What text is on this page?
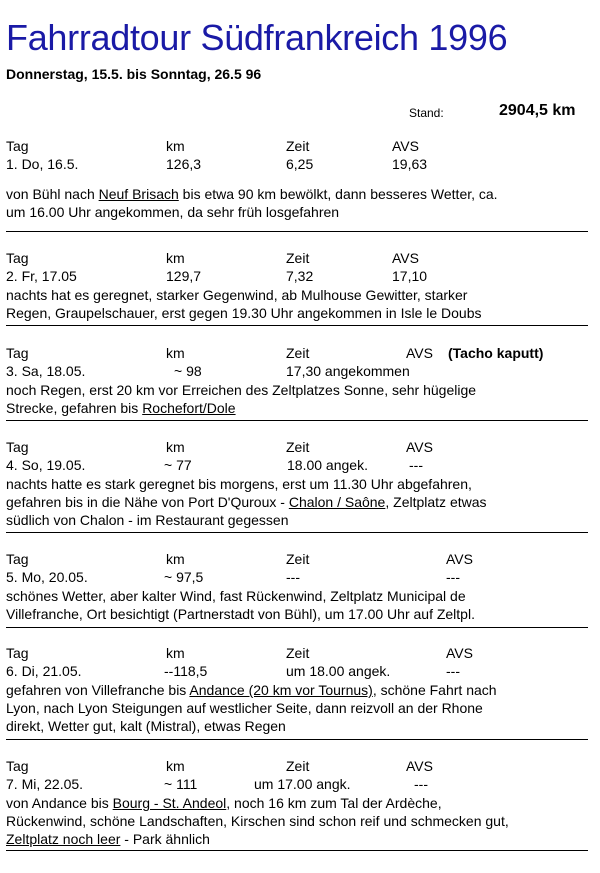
Fahrradtour Südfrankreich 1996
Donnerstag, 15.5. bis Sonntag, 26.5 96
Stand:	2904,5 km
Tag	km	Zeit	AVS
1. Do, 16.5.	126,3	6,25	19,63
von Bühl nach Neuf Brisach bis etwa 90 km bewölkt, dann besseres Wetter, ca.
um 16.00 Uhr angekommen, da sehr früh losgefahren
Tag	km	Zeit	AVS
2. Fr, 17.05	129,7	7,32	17,10
nachts hat es geregnet, starker Gegenwind, ab Mulhouse Gewitter, starker
Regen, Graupelschauer, erst gegen 19.30 Uhr angekommen in Isle le Doubs
Tag	km	Zeit	AVS (Tacho kaputt)
3. Sa, 18.05.	~ 98	17,30 angekommen
noch Regen, erst 20 km vor Erreichen des Zeltplatzes Sonne, sehr hügelige
Strecke, gefahren bis Rochefort/Dole
Tag	km	Zeit	AVS
4. So, 19.05.	~ 77	18.00 angek.	---
nachts hatte es stark geregnet bis morgens, erst um 11.30 Uhr abgefahren,
gefahren bis in die Nähe von Port D'Quroux - Chalon / Saône, Zeltplatz etwas
südlich von Chalon - im Restaurant gegessen
Tag	km	Zeit	AVS
5. Mo, 20.05.	~ 97,5	---	---
schönes Wetter, aber kalter Wind, fast Rückenwind, Zeltplatz Municipal de
Villefranche, Ort besichtigt (Partnerstadt von Bühl), um 17.00 Uhr auf Zeltpl.
Tag	km	Zeit	AVS
6. Di, 21.05.	--118,5	um 18.00 angek.	---
gefahren von Villefranche bis Andance (20 km vor Tournus), schöne Fahrt nach
Lyon, nach Lyon Steigungen auf westlicher Seite, dann reizvoll an der Rhone
direkt, Wetter gut, kalt (Mistral), etwas Regen
Tag	km	Zeit	AVS
7. Mi, 22.05.	~ 111	um 17.00 angk.	---
von Andance bis Bourg - St. Andeol, noch 16 km zum Tal der Ardèche,
Rückenwind, schöne Landschaften, Kirschen sind schon reif und schmecken gut,
Zeltplatz noch leer - Park ähnlich
